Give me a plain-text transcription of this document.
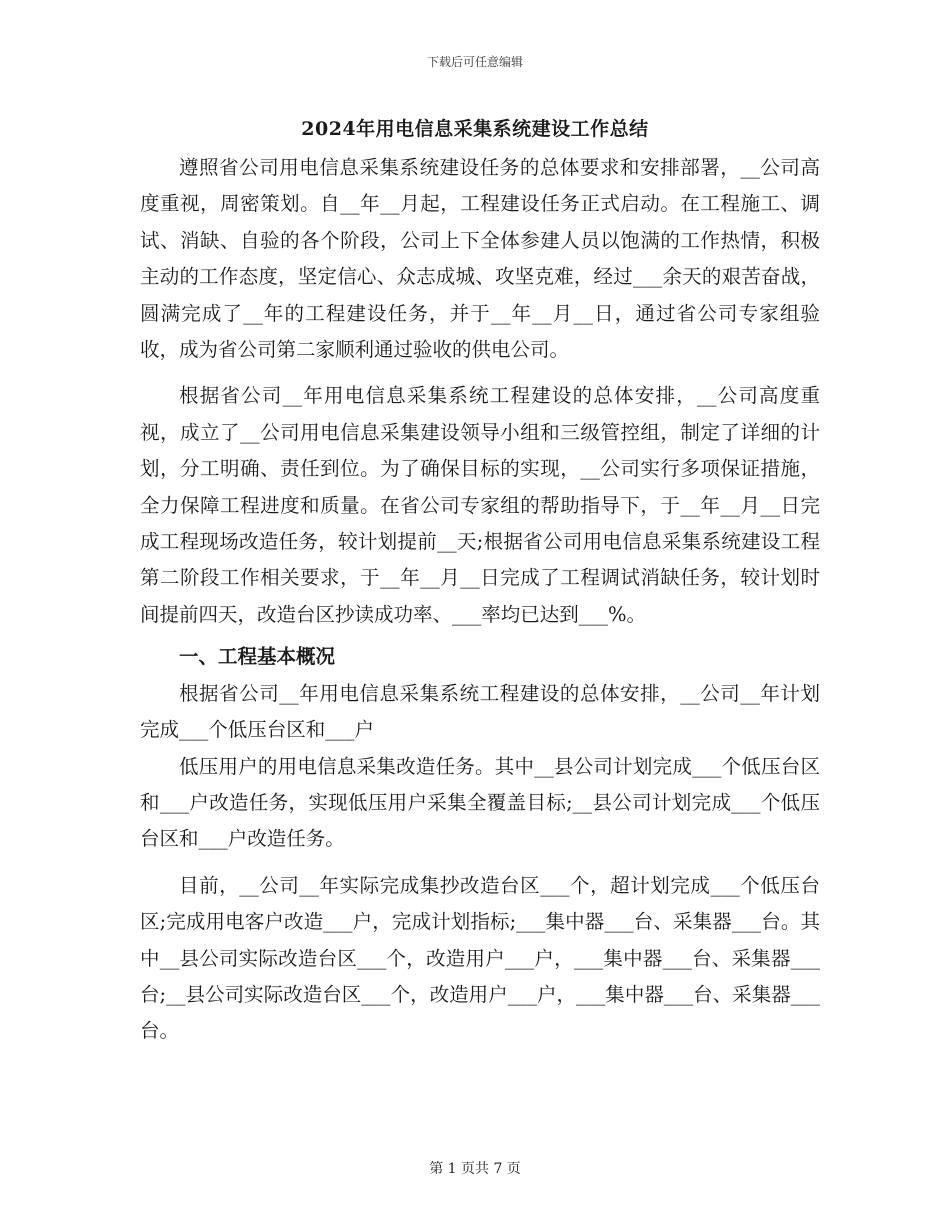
下载后可任意编辑
2024年用电信息采集系统建设工作总结

遵照省公司用电信息采集系统建设任务的总体要求和安排部署，__公司高度重视，周密策划。自__年__月起，工程建设任务正式启动。在工程施工、调试、消缺、自验的各个阶段，公司上下全体参建人员以饱满的工作热情，积极主动的工作态度，坚定信心、众志成城、攻坚克难，经过___余天的艰苦奋战，圆满完成了__年的工程建设任务，并于__年__月__日，通过省公司专家组验收，成为省公司第二家顺利通过验收的供电公司。

根据省公司__年用电信息采集系统工程建设的总体安排，__公司高度重视，成立了__公司用电信息采集建设领导小组和三级管控组，制定了详细的计划，分工明确、责任到位。为了确保目标的实现，__公司实行多项保证措施，全力保障工程进度和质量。在省公司专家组的帮助指导下，于__年__月__日完成工程现场改造任务，较计划提前__天;根据省公司用电信息采集系统建设工程第二阶段工作相关要求，于__年__月__日完成了工程调试消缺任务，较计划时间提前四天，改造台区抄读成功率、___率均已达到___%。

一、工程基本概况

根据省公司__年用电信息采集系统工程建设的总体安排，__公司__年计划完成___个低压台区和___户

低压用户的用电信息采集改造任务。其中__县公司计划完成___个低压台区和___户改造任务，实现低压用户采集全覆盖目标;__县公司计划完成___个低压台区和___户改造任务。

目前，__公司__年实际完成集抄改造台区___个，超计划完成___个低压台区;完成用电客户改造___户，完成计划指标;___集中器___台、采集器___台。其中__县公司实际改造台区___个，改造用户___户，___集中器___台、采集器___台;__县公司实际改造台区___个，改造用户___户，___集中器___台、采集器___台。

第 1 页共 7 页
